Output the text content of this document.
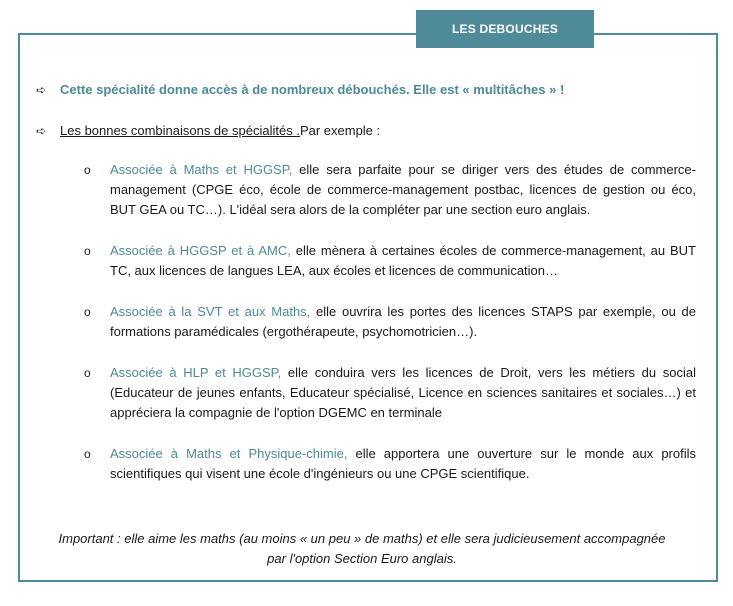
LES DEBOUCHES
➪	Cette spécialité donne accès à de nombreux débouchés. Elle est « multitâches » !
➪	Les bonnes combinaisons de spécialités . Par exemple :
o	Associée à Maths et HGGSP, elle sera parfaite pour se diriger vers des études de commerce-management (CPGE éco, école de commerce-management postbac, licences de gestion ou éco, BUT GEA ou TC…). L'idéal sera alors de la compléter par une section euro anglais.
o	Associée à HGGSP et à AMC, elle mènera à certaines écoles de commerce-management, au BUT TC, aux licences de langues LEA, aux écoles et licences de communication…
o	Associée à la SVT et aux Maths, elle ouvrira les portes des licences STAPS par exemple, ou de formations paramédicales (ergothérapeute, psychomotricien…).
o	Associée à HLP et HGGSP, elle conduira vers les licences de Droit, vers les métiers du social (Educateur de jeunes enfants, Educateur spécialisé, Licence en sciences sanitaires et sociales…) et appréciera la compagnie de l'option DGEMC en terminale
o	Associée à Maths et Physique-chimie, elle apportera une ouverture sur le monde aux profils scientifiques qui visent une école d'ingénieurs ou une CPGE scientifique.
Important : elle aime les maths (au moins « un peu » de maths) et elle sera judicieusement accompagnée
par l'option Section Euro anglais.
